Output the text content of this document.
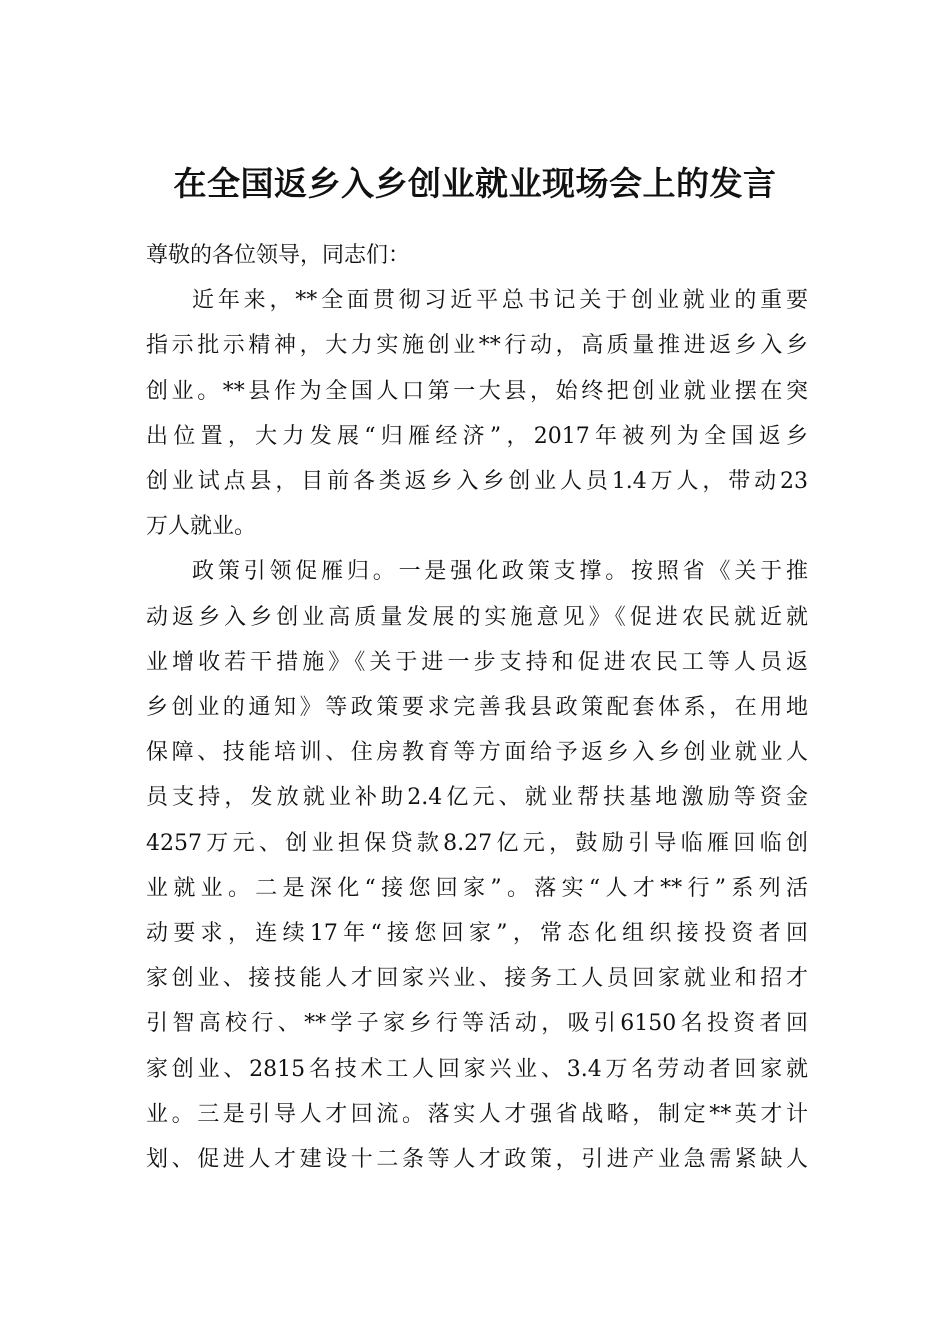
在全国返乡入乡创业就业现场会上的发言

尊敬的各位领导，同志们：

近年来，**全面贯彻习近平总书记关于创业就业的重要
指示批示精神，大力实施创业**行动，高质量推进返乡入乡
创业。**县作为全国人口第一大县，始终把创业就业摆在突
出位置，大力发展“归雁经济”，2017年被列为全国返乡
创业试点县，目前各类返乡入乡创业人员1.4万人，带动23
万人就业。

政策引领促雁归。一是强化政策支撑。按照省《关于推
动返乡入乡创业高质量发展的实施意见》《促进农民就近就
业增收若干措施》《关于进一步支持和促进农民工等人员返
乡创业的通知》等政策要求完善我县政策配套体系，在用地
保障、技能培训、住房教育等方面给予返乡入乡创业就业人
员支持，发放就业补助2.4亿元、就业帮扶基地激励等资金
4257万元、创业担保贷款8.27亿元，鼓励引导临雁回临创
业就业。二是深化“接您回家”。落实“人才**行”系列活
动要求，连续17年“接您回家”，常态化组织接投资者回
家创业、接技能人才回家兴业、接务工人员回家就业和招才
引智高校行、**学子家乡行等活动，吸引6150名投资者回
家创业、2815名技术工人回家兴业、3.4万名劳动者回家就
业。三是引导人才回流。落实人才强省战略，制定**英才计
划、促进人才建设十二条等人才政策，引进产业急需紧缺人
